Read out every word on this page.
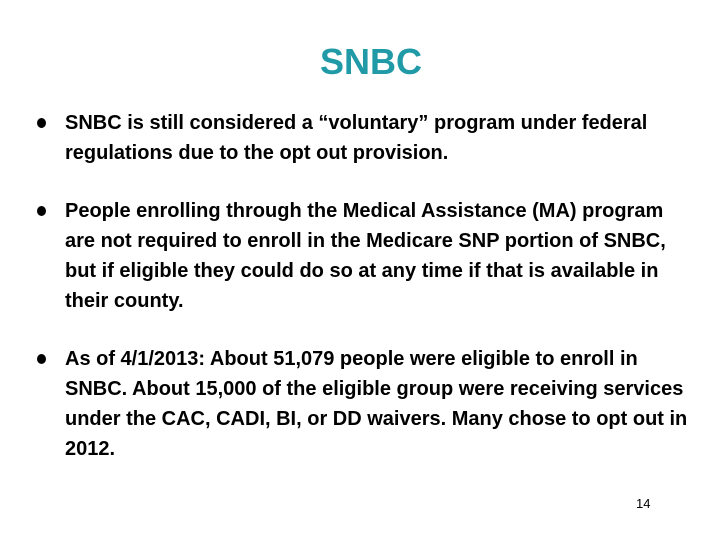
SNBC
SNBC is still considered a “voluntary” program under federal regulations due to the opt out provision.
People enrolling through the Medical Assistance (MA) program are not required to enroll in the Medicare SNP portion of SNBC, but if eligible they could do so at any time if that is available in their county.
As of 4/1/2013: About 51,079 people were eligible to enroll in SNBC. About 15,000 of the eligible group were receiving services under the CAC, CADI, BI, or DD waivers. Many chose to opt out in 2012.
14
